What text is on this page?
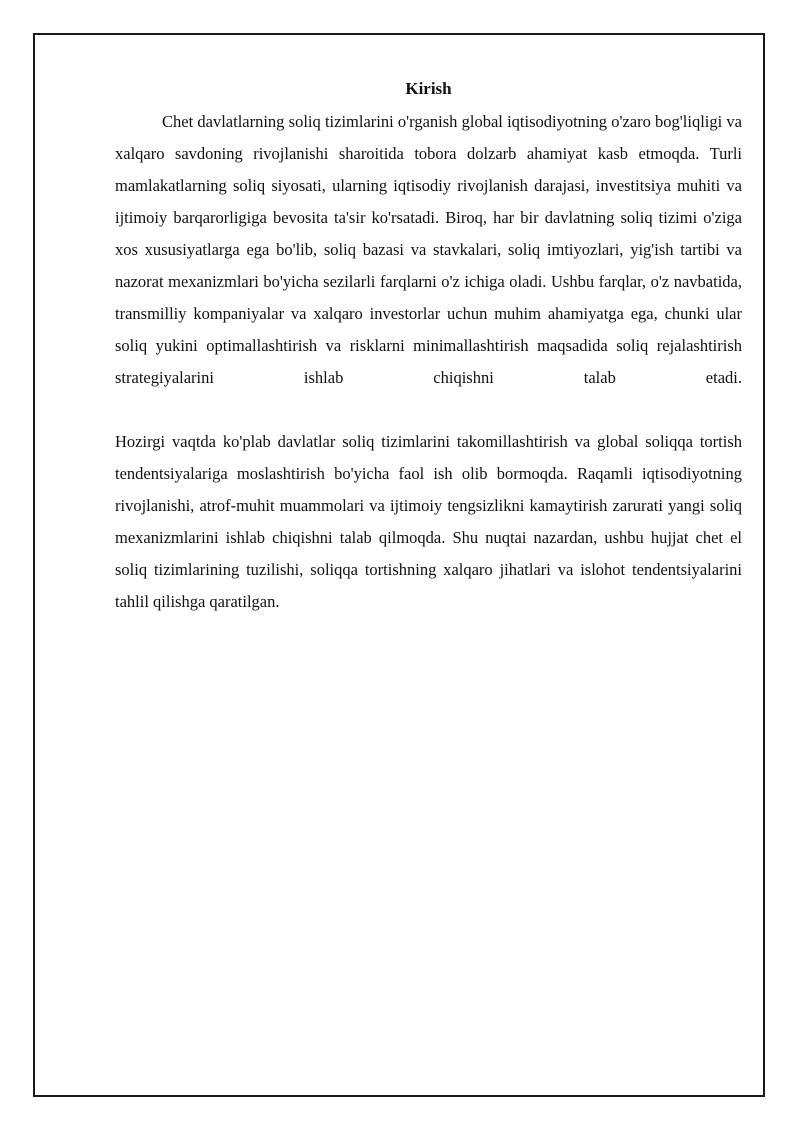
Kirish

Chet davlatlarning soliq tizimlarini o'rganish global iqtisodiyotning o'zaro bog'liqligi va xalqaro savdoning rivojlanishi sharoitida tobora dolzarb ahamiyat kasb etmoqda. Turli mamlakatlarning soliq siyosati, ularning iqtisodiy rivojlanish darajasi, investitsiya muhiti va ijtimoiy barqarorligiga bevosita ta'sir ko'rsatadi. Biroq, har bir davlatning soliq tizimi o'ziga xos xususiyatlarga ega bo'lib, soliq bazasi va stavkalari, soliq imtiyozlari, yig'ish tartibi va nazorat mexanizmlari bo'yicha sezilarli farqlarni o'z ichiga oladi. Ushbu farqlar, o'z navbatida, transmilliy kompaniyalar va xalqaro investorlar uchun muhim ahamiyatga ega, chunki ular soliq yukini optimallashtirish va risklarni minimallashtirish maqsadida soliq rejalashtirish strategiyalarini ishlab chiqishni talab etadi.

Hozirgi vaqtda ko'plab davlatlar soliq tizimlarini takomillashtirish va global soliqqa tortish tendentsiyalariga moslashtirish bo'yicha faol ish olib bormoqda. Raqamli iqtisodiyotning rivojlanishi, atrof-muhit muammolari va ijtimoiy tengsizlikni kamaytirish zarurati yangi soliq mexanizmlarini ishlab chiqishni talab qilmoqda. Shu nuqtai nazardan, ushbu hujjat chet el soliq tizimlarining tuzilishi, soliqqa tortishning xalqaro jihatlari va islohot tendentsiyalarini tahlil qilishga qaratilgan.
